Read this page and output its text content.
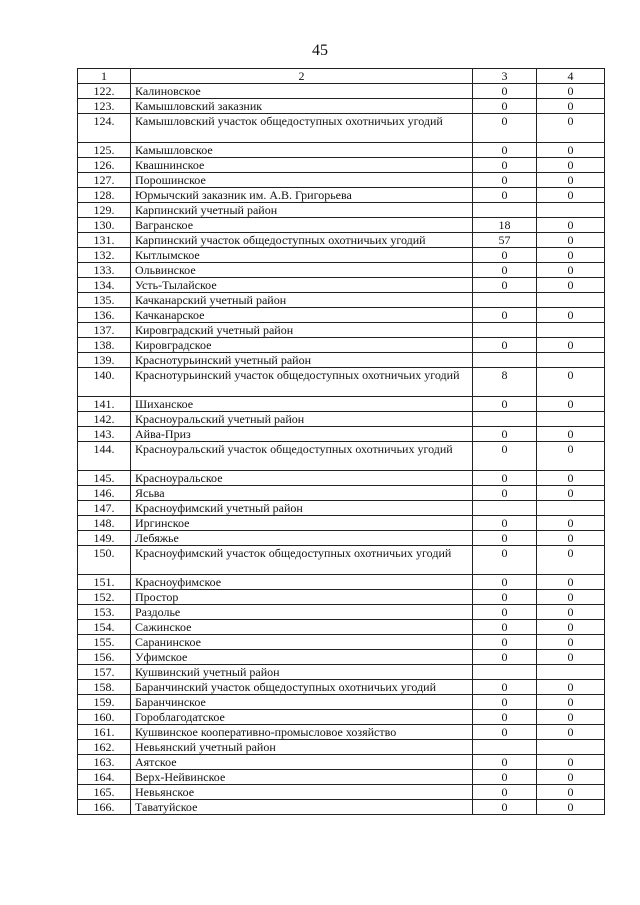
45
1	2	3	4
122.	Калиновское	0	0
123.	Камышловский заказник	0	0
124.	Камышловский участок общедоступных охотничьих угодий	0	0
125.	Камышловское	0	0
126.	Квашнинское	0	0
127.	Порошинское	0	0
128.	Юрмычский заказник им. А.В. Григорьева	0	0
129.	Карпинский учетный район		
130.	Вагранское	18	0
131.	Карпинский участок общедоступных охотничьих угодий	57	0
132.	Кытлымское	0	0
133.	Ольвинское	0	0
134.	Усть-Тылайское	0	0
135.	Качканарский учетный район		
136.	Качканарское	0	0
137.	Кировградский учетный район		
138.	Кировградское	0	0
139.	Краснотурьинский учетный район		
140.	Краснотурьинский участок общедоступных охотничьих угодий	8	0
141.	Шиханское	0	0
142.	Красноуральский учетный район		
143.	Айва-Приз	0	0
144.	Красноуральский участок общедоступных охотничьих угодий	0	0
145.	Красноуральское	0	0
146.	Ясьва	0	0
147.	Красноуфимский учетный район		
148.	Иргинское	0	0
149.	Лебяжье	0	0
150.	Красноуфимский участок общедоступных охотничьих угодий	0	0
151.	Красноуфимское	0	0
152.	Простор	0	0
153.	Раздолье	0	0
154.	Сажинское	0	0
155.	Саранинское	0	0
156.	Уфимское	0	0
157.	Кушвинский учетный район		
158.	Баранчинский участок общедоступных охотничьих угодий	0	0
159.	Баранчинское	0	0
160.	Гороблагодатское	0	0
161.	Кушвинское кооперативно-промысловое хозяйство	0	0
162.	Невьянский учетный район		
163.	Аятское	0	0
164.	Верх-Нейвинское	0	0
165.	Невьянское	0	0
166.	Таватуйское	0	0
